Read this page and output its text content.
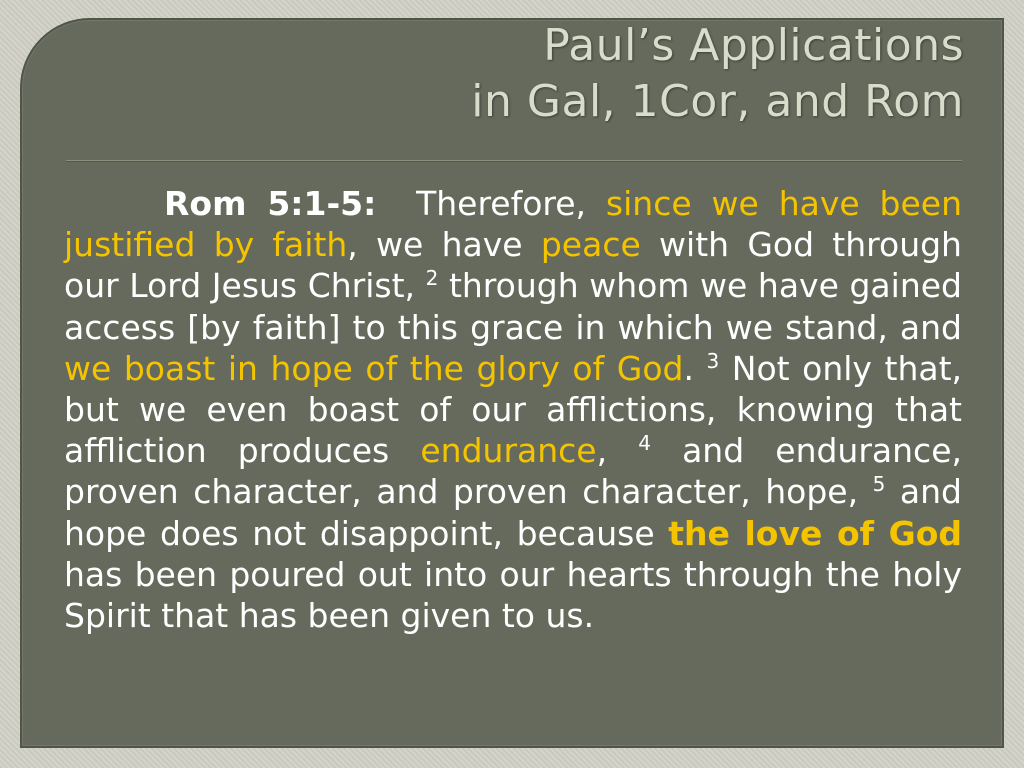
Paul’s Applications
in Gal, 1Cor, and Rom

Rom 5:1-5:  Therefore, since we have been justified by faith, we have peace with God through our Lord Jesus Christ, $^2$ through whom we have gained access [by faith] to this grace in which we stand, and we boast in hope of the glory of God. $^3$ Not only that, but we even boast of our afflictions, knowing that affliction produces endurance, $^4$ and endurance, proven character, and proven character, hope, $^5$ and hope does not disappoint, because the love of God has been poured out into our hearts through the holy Spirit that has been given to us.
